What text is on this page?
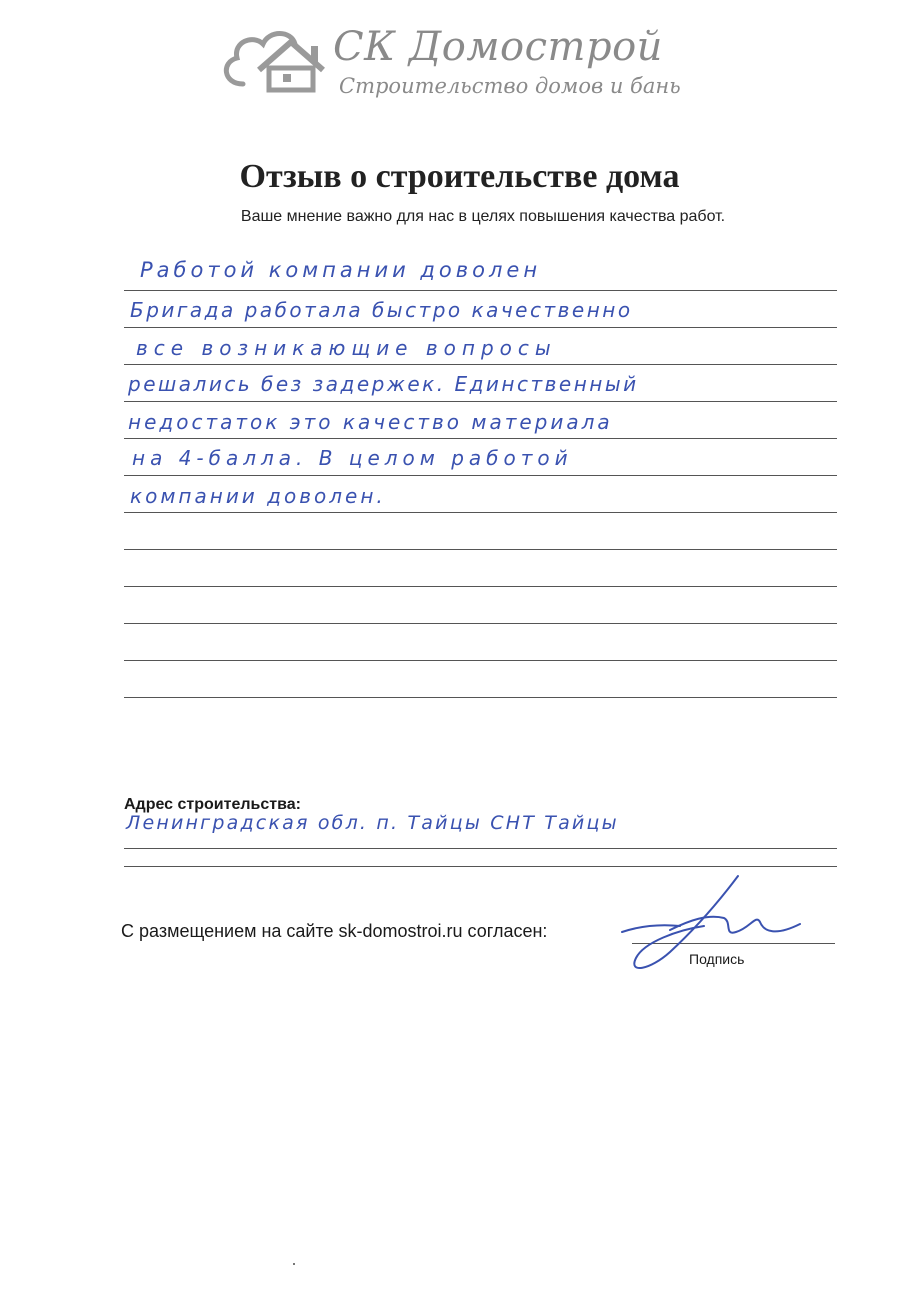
СК Домострой
Строительство домов и бань
Отзыв о строительстве дома
Ваше мнение важно для нас в целях повышения качества работ.
Работой компании доволен
Бригада работала быстро качественно
все возникающие вопросы
решались без задержек. Единственный
недостаток это качество материала
на 4-балла. В целом работой
компании доволен.
Адрес строительства:
Ленинградская обл. п. Тайцы СНТ Тайцы
С размещением на сайте sk-domostroi.ru согласен:
Подпись
